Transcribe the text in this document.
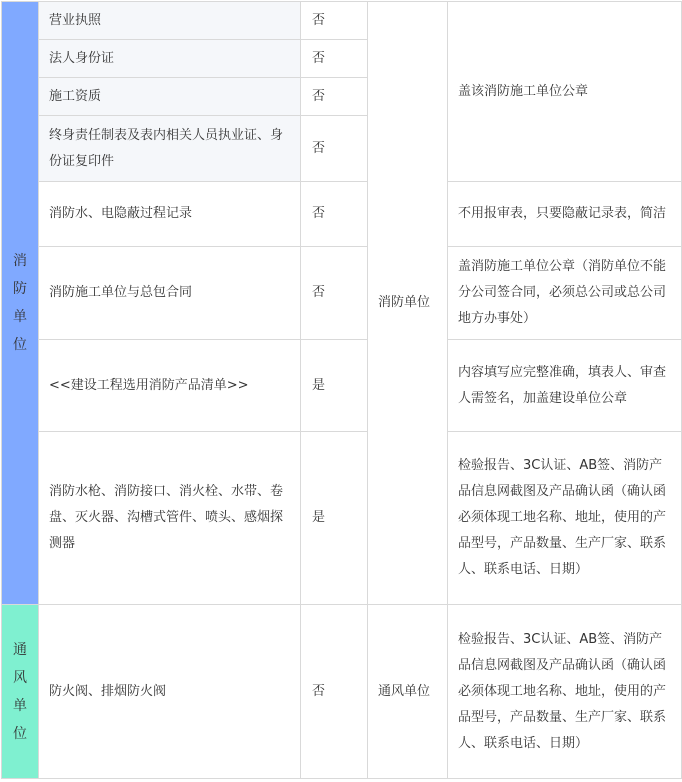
消防单位	营业执照	否	消防单位	盖该消防施工单位公章
	法人身份证	否		
	施工资质	否		
	终身责任制表及表内相关人员执业证、身份证复印件	否		
	消防水、电隐蔽过程记录	否		不用报审表，只要隐蔽记录表，简洁
	消防施工单位与总包合同	否		盖消防施工单位公章（消防单位不能分公司签合同，必须总公司或总公司地方办事处）
	<<建设工程选用消防产品清单>>	是		内容填写应完整准确，填表人、审查人需签名，加盖建设单位公章
	消防水枪、消防接口、消火栓、水带、卷盘、灭火器、沟槽式管件、喷头、感烟探测器	是		检验报告、3C认证、AB签、消防产品信息网截图及产品确认函（确认函必须体现工地名称、地址，使用的产品型号，产品数量、生产厂家、联系人、联系电话、日期）

通风单位	防火阀、排烟防火阀	否	通风单位	检验报告、3C认证、AB签、消防产品信息网截图及产品确认函（确认函必须体现工地名称、地址，使用的产品型号，产品数量、生产厂家、联系人、联系电话、日期）
